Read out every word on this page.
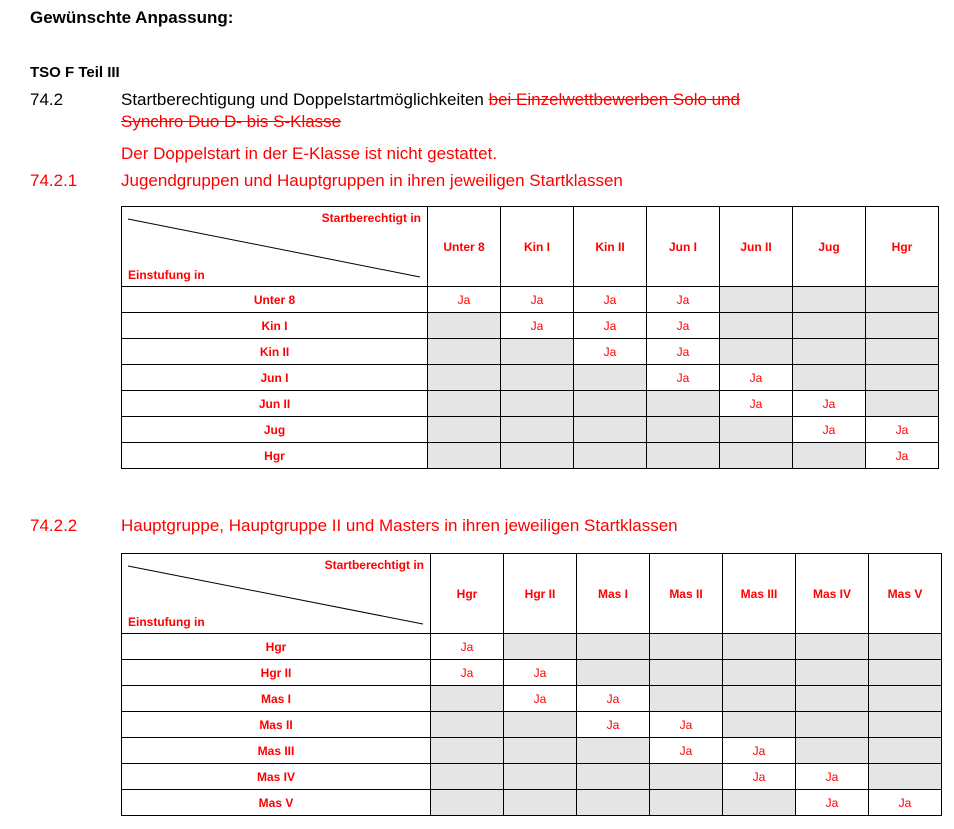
Gewünschte Anpassung:
TSO F Teil III
74.2	Startberechtigung und Doppelstartmöglichkeiten bei Einzelwettbewerben Solo und
Synchro Duo D- bis S-Klasse
Der Doppelstart in der E-Klasse ist nicht gestattet.
74.2.1	Jugendgruppen und Hauptgruppen in ihren jeweiligen Startklassen
Startberechtigt in
Einstufung in	Unter 8	Kin I	Kin II	Jun I	Jun II	Jug	Hgr
Unter 8	Ja	Ja	Ja	Ja			
Kin I		Ja	Ja	Ja			
Kin II			Ja	Ja			
Jun I				Ja	Ja		
Jun II					Ja	Ja	
Jug						Ja	Ja
Hgr							Ja
74.2.2	Hauptgruppe, Hauptgruppe II und Masters in ihren jeweiligen Startklassen
Startberechtigt in
Einstufung in	Hgr	Hgr II	Mas I	Mas II	Mas III	Mas IV	Mas V
Hgr	Ja						
Hgr II	Ja	Ja					
Mas I		Ja	Ja				
Mas II			Ja	Ja			
Mas III				Ja	Ja		
Mas IV					Ja	Ja	
Mas V						Ja	Ja
